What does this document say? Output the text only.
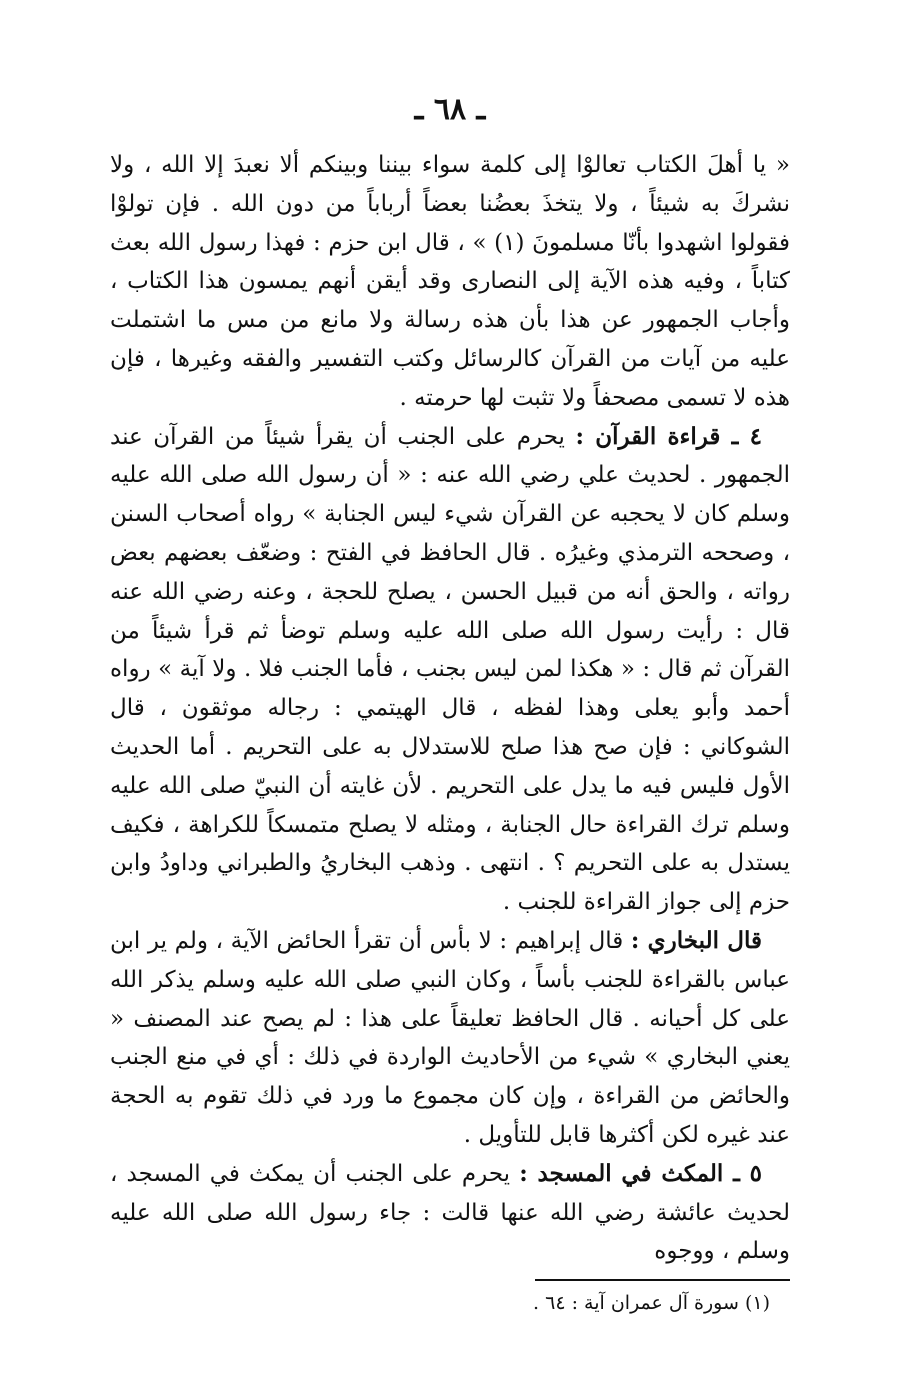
ـ ٦٨ ـ

« يا أهلَ الكتاب تعالوْا إلى كلمة سواء بيننا وبينكم ألا نعبدَ إلا الله ، ولا نشركَ به شيئاً ، ولا يتخذَ بعضُنا بعضاً أرباباً من دون الله . فإن تولوْا فقولوا اشهدوا بأنّا مسلمونَ (١) » ، قال ابن حزم : فهذا رسول الله بعث كتاباً ، وفيه هذه الآية إلى النصارى وقد أيقن أنهم يمسون هذا الكتاب ، وأجاب الجمهور عن هذا بأن هذه رسالة ولا مانع من مس ما اشتملت عليه من آيات من القرآن كالرسائل وكتب التفسير والفقه وغيرها ، فإن هذه لا تسمى مصحفاً ولا تثبت لها حرمته .

٤ ـ قراءة القرآن : يحرم على الجنب أن يقرأ شيئاً من القرآن عند الجمهور . لحديث علي رضي الله عنه : « أن رسول الله صلى الله عليه وسلم كان لا يحجبه عن القرآن شيء ليس الجنابة » رواه أصحاب السنن ، وصححه الترمذي وغيرُه . قال الحافظ في الفتح : وضعّف بعضهم بعض رواته ، والحق أنه من قبيل الحسن ، يصلح للحجة ، وعنه رضي الله عنه قال : رأيت رسول الله صلى الله عليه وسلم توضأ ثم قرأ شيئاً من القرآن ثم قال : « هكذا لمن ليس بجنب ، فأما الجنب فلا . ولا آية » رواه أحمد وأبو يعلى وهذا لفظه ، قال الهيتمي : رجاله موثقون ، قال الشوكاني : فإن صح هذا صلح للاستدلال به على التحريم . أما الحديث الأول فليس فيه ما يدل على التحريم . لأن غايته أن النبيّ صلى الله عليه وسلم ترك القراءة حال الجنابة ، ومثله لا يصلح متمسكاً للكراهة ، فكيف يستدل به على التحريم ؟ . انتهى . وذهب البخاريُ والطبراني وداودُ وابن حزم إلى جواز القراءة للجنب .

قال البخاري : قال إبراهيم : لا بأس أن تقرأ الحائض الآية ، ولم ير ابن عباس بالقراءة للجنب بأساً ، وكان النبي صلى الله عليه وسلم يذكر الله على كل أحيانه . قال الحافظ تعليقاً على هذا : لم يصح عند المصنف « يعني البخاري » شيء من الأحاديث الواردة في ذلك : أي في منع الجنب والحائض من القراءة ، وإن كان مجموع ما ورد في ذلك تقوم به الحجة عند غيره لكن أكثرها قابل للتأويل .

٥ ـ المكث في المسجد : يحرم على الجنب أن يمكث في المسجد ، لحديث عائشة رضي الله عنها قالت : جاء رسول الله صلى الله عليه وسلم ، ووجوه

(١) سورة آل عمران آية : ٦٤ .
